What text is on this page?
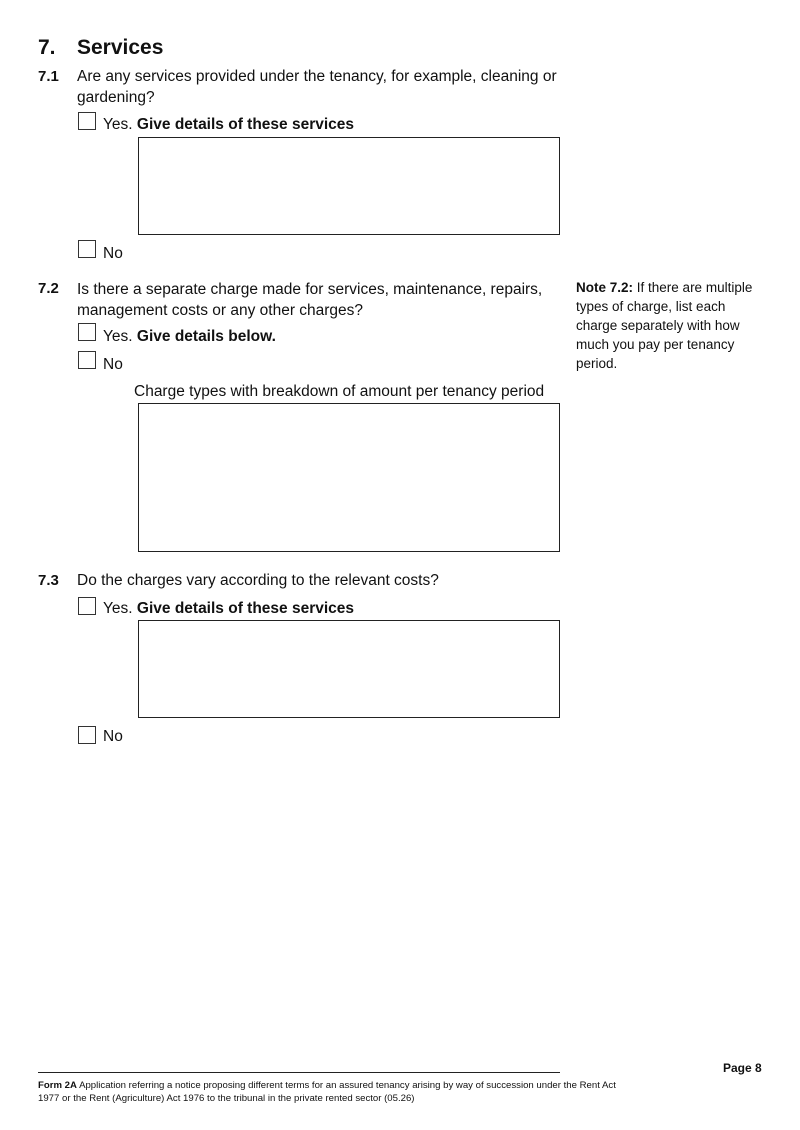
7. Services
7.1 Are any services provided under the tenancy, for example, cleaning or gardening?
Yes. Give details of these services
No
7.2 Is there a separate charge made for services, maintenance, repairs, management costs or any other charges?
Yes. Give details below.
No
Charge types with breakdown of amount per tenancy period
Note 7.2: If there are multiple types of charge, list each charge separately with how much you pay per tenancy period.
7.3 Do the charges vary according to the relevant costs?
Yes. Give details of these services
No
Page 8
Form 2A Application referring a notice proposing different terms for an assured tenancy arising by way of succession under the Rent Act 1977 or the Rent (Agriculture) Act 1976 to the tribunal in the private rented sector (05.26)
